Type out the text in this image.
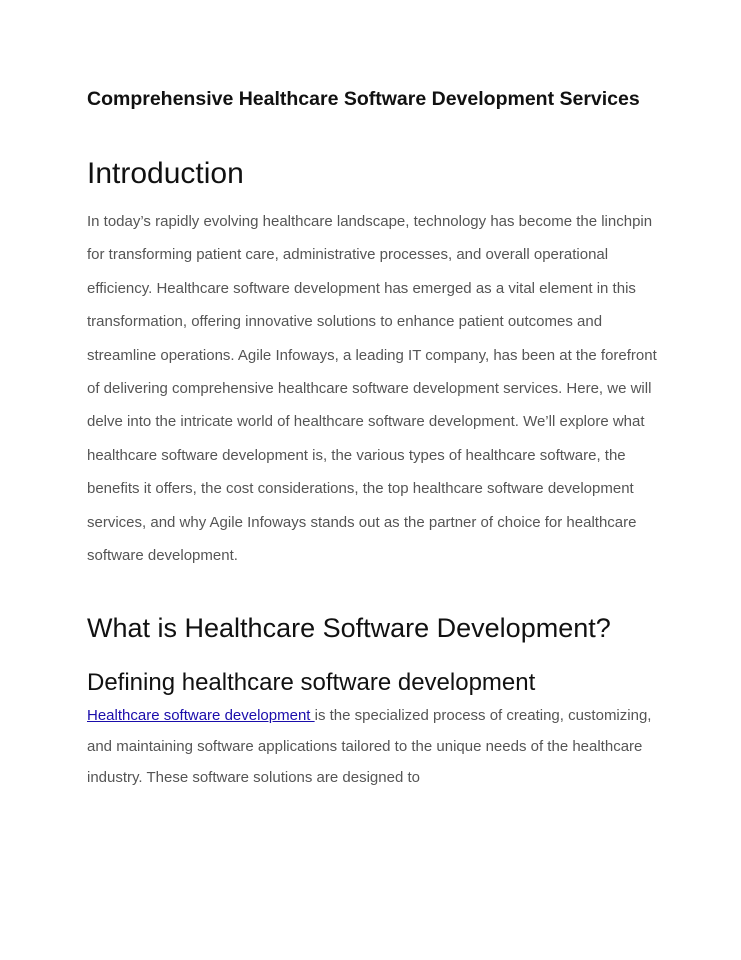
Comprehensive Healthcare Software Development Services
Introduction

In today’s rapidly evolving healthcare landscape, technology has become the linchpin for transforming patient care, administrative processes, and overall operational efficiency. Healthcare software development has emerged as a vital element in this transformation, offering innovative solutions to enhance patient outcomes and streamline operations. Agile Infoways, a leading IT company, has been at the forefront of delivering comprehensive healthcare software development services. Here, we will delve into the intricate world of healthcare software development. We’ll explore what healthcare software development is, the various types of healthcare software, the benefits it offers, the cost considerations, the top healthcare software development services, and why Agile Infoways stands out as the partner of choice for healthcare software development.

What is Healthcare Software Development?
Defining healthcare software development

Healthcare software development is the specialized process of creating, customizing, and maintaining software applications tailored to the unique needs of the healthcare industry. These software solutions are designed to
